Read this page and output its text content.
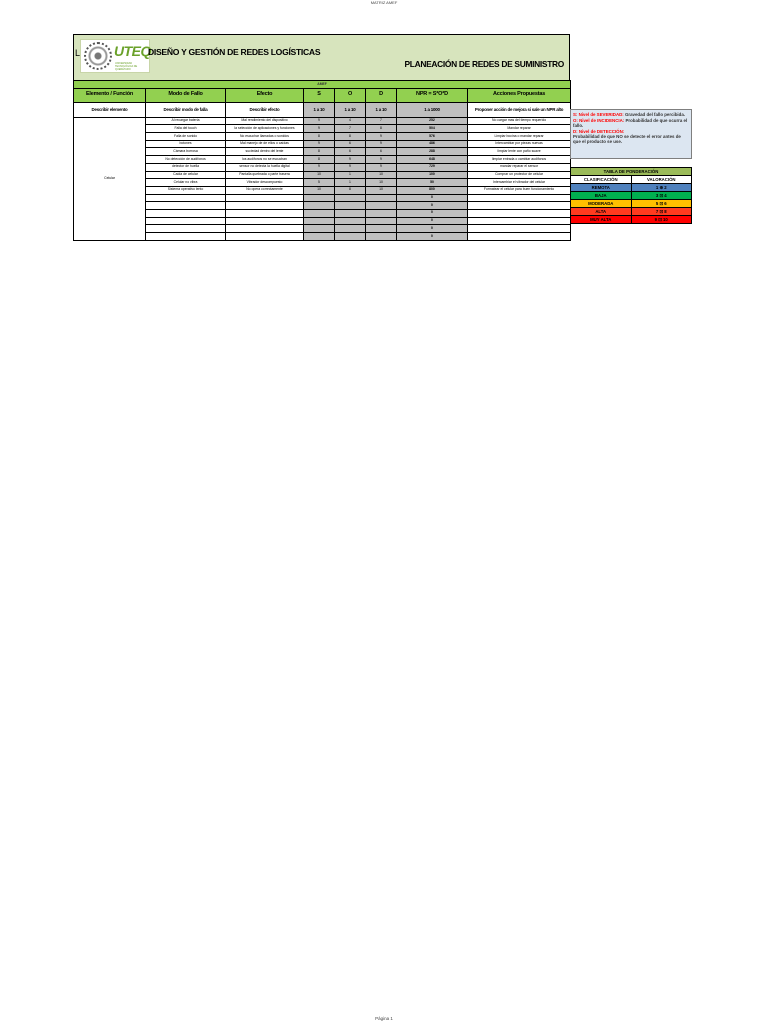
MATRIZ AMEF
L UTEQ
UNIVERSIDAD TECNOLÓGICA DE QUERÉTARO
DISEÑO Y GESTIÓN DE REDES LOGÍSTICAS
PLANEACIÓN DE REDES DE SUMINISTRO
AMEF							
Elemento / Función	Modo de Fallo	Efecto	S	O	D	NPR = S*O*D	Acciones Propuestas
Describir elemento	Describir modo de falla	Describir efecto	1 a 10	1 a 10	1 a 10	1 a 1000	Proponer acción de mejora si sale un NPR alto
Celular	Al recargar batería	Mal rendimiento del dispositivo	9	4	7	252	No cargar mas del tiempo requerido
	Falla del touch	la selección de aplicaciones y funciones	9	7	8	504	Mandar reparar
	Falla de sonido	No escuchar llamadas o sonidos	8	8	9	576	Limpiar bocina o mandar reparar
	botones	Mal manejo de de ellos o caídas	9	6	9	486	Intercambiar por piezas nuevas
	Cámara borrosa	suciedad dentro del lente	8	6	6	288	limpiar lente con paño suave
	No detección de audífonos	los audífonos no se escuchan	8	9	9	648	limpiar entrada o cambiar audífonos
	detector de huella	sensor no detecta la huella digital	9	9	9	729	mandar reparar el sensor
	Caída de celular	Pantalla quebrada o parte trasera	10	1	10	100	Comprar un protector de celular
	Celular no vibra	Vibrador descompuesto	5	1	10	50	Intercambiar el vibrador del celular
	Sistema operativo lento	No opera correctamente	10	8	10	800	Formatear el celular para buen funcionamiento
						0	
						0	
						0	
						0	
						0	
						0	

S: Nivel de SEVERIDAD: Gravedad del fallo percibida.

O: Nivel de INCIDENCIA: Probabilidad de que ocurra el fallo.

D: Nivel de DETECCIÓN:
Probabilidad de que NO se detecte el error antes de que el producto se use.

TABLA DE PONDERACIÓN	
CLASIFICACIÓN	VALORACIÓN
REMOTA	1 ⊕ 2
BAJA	3 ⊡ 4
MODERADA	5 ⊡ 6
ALTA	7 ⊡ 8
MUY ALTA	9 ⊡ 10
Página 1
